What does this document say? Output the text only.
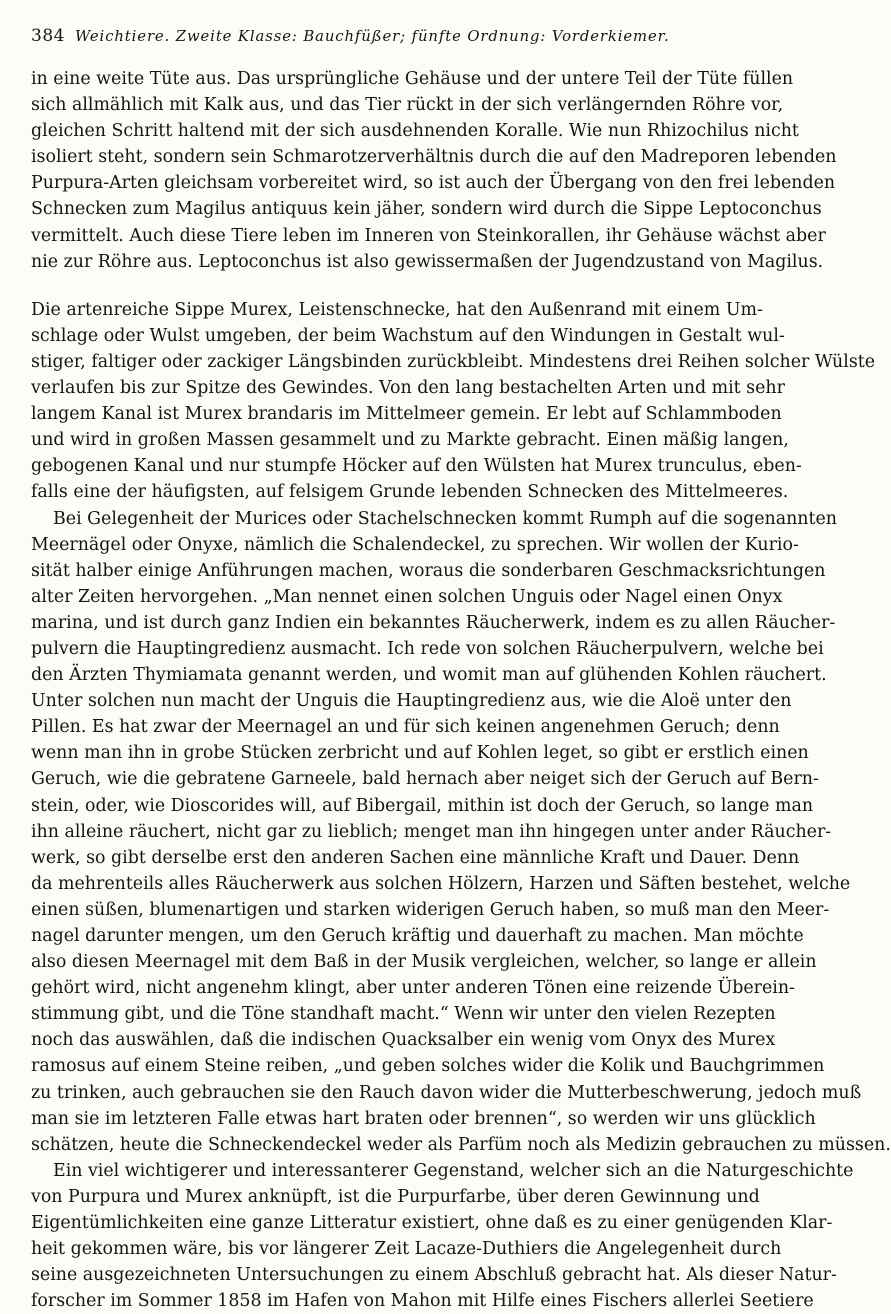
384 Weichtiere. Zweite Klasse: Bauchfüßer; fünfte Ordnung: Vorderkiemer.
in eine weite Tüte aus. Das ursprüngliche Gehäuse und der untere Teil der Tüte füllen
sich allmählich mit Kalk aus, und das Tier rückt in der sich verlängernden Röhre vor,
gleichen Schritt haltend mit der sich ausdehnenden Koralle. Wie nun Rhizochilus nicht
isoliert steht, sondern sein Schmarotzerverhältnis durch die auf den Madreporen lebenden
Purpura-Arten gleichsam vorbereitet wird, so ist auch der Übergang von den frei lebenden
Schnecken zum Magilus antiquus kein jäher, sondern wird durch die Sippe Leptoconchus
vermittelt. Auch diese Tiere leben im Inneren von Steinkorallen, ihr Gehäuse wächst aber
nie zur Röhre aus. Leptoconchus ist also gewissermaßen der Jugendzustand von Magilus.
Die artenreiche Sippe Murex, Leistenschnecke, hat den Außenrand mit einem Um-
schlage oder Wulst umgeben, der beim Wachstum auf den Windungen in Gestalt wul-
stiger, faltiger oder zackiger Längsbinden zurückbleibt. Mindestens drei Reihen solcher Wülste
verlaufen bis zur Spitze des Gewindes. Von den lang bestachelten Arten und mit sehr
langem Kanal ist Murex brandaris im Mittelmeer gemein. Er lebt auf Schlammboden
und wird in großen Massen gesammelt und zu Markte gebracht. Einen mäßig langen,
gebogenen Kanal und nur stumpfe Höcker auf den Wülsten hat Murex trunculus, eben-
falls eine der häufigsten, auf felsigem Grunde lebenden Schnecken des Mittelmeeres.
Bei Gelegenheit der Murices oder Stachelschnecken kommt Rumph auf die sogenannten
Meernägel oder Onyxe, nämlich die Schalendeckel, zu sprechen. Wir wollen der Kurio-
sität halber einige Anführungen machen, woraus die sonderbaren Geschmacksrichtungen
alter Zeiten hervorgehen. „Man nennet einen solchen Unguis oder Nagel einen Onyx
marina, und ist durch ganz Indien ein bekanntes Räucherwerk, indem es zu allen Räucher-
pulvern die Hauptingredienz ausmacht. Ich rede von solchen Räucherpulvern, welche bei
den Ärzten Thymiamata genannt werden, und womit man auf glühenden Kohlen räuchert.
Unter solchen nun macht der Unguis die Hauptingredienz aus, wie die Aloë unter den
Pillen. Es hat zwar der Meernagel an und für sich keinen angenehmen Geruch; denn
wenn man ihn in grobe Stücken zerbricht und auf Kohlen leget, so gibt er erstlich einen
Geruch, wie die gebratene Garneele, bald hernach aber neiget sich der Geruch auf Bern-
stein, oder, wie Dioscorides will, auf Bibergail, mithin ist doch der Geruch, so lange man
ihn alleine räuchert, nicht gar zu lieblich; menget man ihn hingegen unter ander Räucher-
werk, so gibt derselbe erst den anderen Sachen eine männliche Kraft und Dauer. Denn
da mehrenteils alles Räucherwerk aus solchen Hölzern, Harzen und Säften bestehet, welche
einen süßen, blumenartigen und starken widerigen Geruch haben, so muß man den Meer-
nagel darunter mengen, um den Geruch kräftig und dauerhaft zu machen. Man möchte
also diesen Meernagel mit dem Baß in der Musik vergleichen, welcher, so lange er allein
gehört wird, nicht angenehm klingt, aber unter anderen Tönen eine reizende Überein-
stimmung gibt, und die Töne standhaft macht.“ Wenn wir unter den vielen Rezepten
noch das auswählen, daß die indischen Quacksalber ein wenig vom Onyx des Murex
ramosus auf einem Steine reiben, „und geben solches wider die Kolik und Bauchgrimmen
zu trinken, auch gebrauchen sie den Rauch davon wider die Mutterbeschwerung, jedoch muß
man sie im letzteren Falle etwas hart braten oder brennen“, so werden wir uns glücklich
schätzen, heute die Schneckendeckel weder als Parfüm noch als Medizin gebrauchen zu müssen.
Ein viel wichtigerer und interessanterer Gegenstand, welcher sich an die Naturgeschichte
von Purpura und Murex anknüpft, ist die Purpurfarbe, über deren Gewinnung und
Eigentümlichkeiten eine ganze Litteratur existiert, ohne daß es zu einer genügenden Klar-
heit gekommen wäre, bis vor längerer Zeit Lacaze-Duthiers die Angelegenheit durch
seine ausgezeichneten Untersuchungen zu einem Abschluß gebracht hat. Als dieser Natur-
forscher im Sommer 1858 im Hafen von Mahon mit Hilfe eines Fischers allerlei Seetiere
